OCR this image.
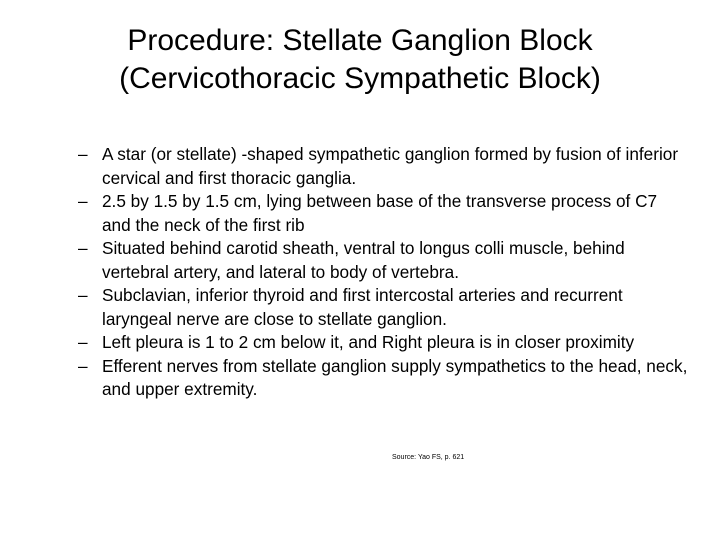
Procedure: Stellate Ganglion Block
(Cervicothoracic Sympathetic Block)
– A star (or stellate) -shaped sympathetic ganglion formed by fusion of inferior cervical and first thoracic ganglia.
– 2.5 by 1.5 by 1.5 cm, lying between base of the transverse process of C7 and the neck of the first rib
– Situated behind carotid sheath, ventral to longus colli muscle, behind vertebral artery, and lateral to body of vertebra.
– Subclavian, inferior thyroid and first intercostal arteries and recurrent laryngeal nerve are close to stellate ganglion.
– Left pleura is 1 to 2 cm below it, and Right pleura is in closer proximity
– Efferent nerves from stellate ganglion supply sympathetics to the head, neck, and upper extremity.
Source: Yao FS, p. 621
